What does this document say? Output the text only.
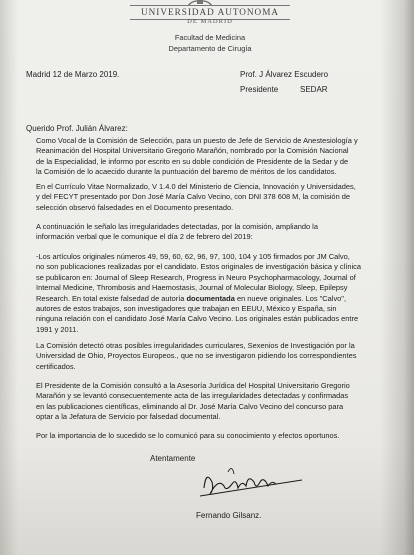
UNIVERSIDAD AUTONOMA
DE MADRID
Facultad de Medicina
Departamento de Cirugía
Madrid 12 de Marzo 2019.	Prof. J Álvarez Escudero
Presidente	SEDAR
Querido Prof. Julián Álvarez:
Como Vocal de la Comisión de Selección, para un puesto de Jefe de Servicio de Anestesiología y
Reanimación del Hospital Universitario Gregorio Marañón, nombrado por la Comisión Nacional
de la Especialidad, le informo por escrito en su doble condición de Presidente de la Sedar y de
la Comisión de lo acaecido durante la puntuación del baremo de méritos de los candidatos.
En el Currículo Vitae Normalizado, V 1.4.0 del Ministerio de Ciencia, Innovación y Universidades,
y del FECYT presentado por Don José María Calvo Vecino, con DNI 378 608 M, la comisión de
selección observó falsedades en el Documento presentado.
A continuación le señalo las irregularidades detectadas, por la comisión, ampliando la
información verbal que le comunique el día 2 de febrero del 2019:
-Los artículos originales números 49, 59, 60, 62, 96, 97, 100, 104 y 105 firmados por JM Calvo,
no son publicaciones realizadas por el candidato. Estos originales de investigación básica y clínica
se publicaron en: Journal of Sleep Research, Progress in Neuro Psychopharmacology, Journal of
Internal Medicine, Thrombosis and Haemostasis, Journal of Molecular Biology, Sleep, Epilepsy
Research. En total existe falsedad de autoría documentada en nueve originales. Los "Calvo",
autores de estos trabajos, son investigadores que trabajan en EEUU, México y España, sin
ninguna relación con el candidato José María Calvo Vecino. Los originales están publicados entre
1991 y 2011.
La Comisión detectó otras posibles irregularidades curriculares, Sexenios de Investigación por la
Universidad de Ohio, Proyectos Europeos., que no se investigaron pidiendo los correspondientes
certificados.
El Presidente de la Comisión consultó a la Asesoría Jurídica del Hospital Universitario Gregorio
Marañón y se levantó consecuentemente acta de las irregularidades detectadas y confirmadas
en las publicaciones científicas, eliminando al Dr. José María Calvo Vecino del concurso para
optar a la Jefatura de Servicio por falsedad documental.
Por la importancia de lo sucedido se lo comunicó para su conocimiento y efectos oportunos.
Atentamente
Fernando Gilsanz.
